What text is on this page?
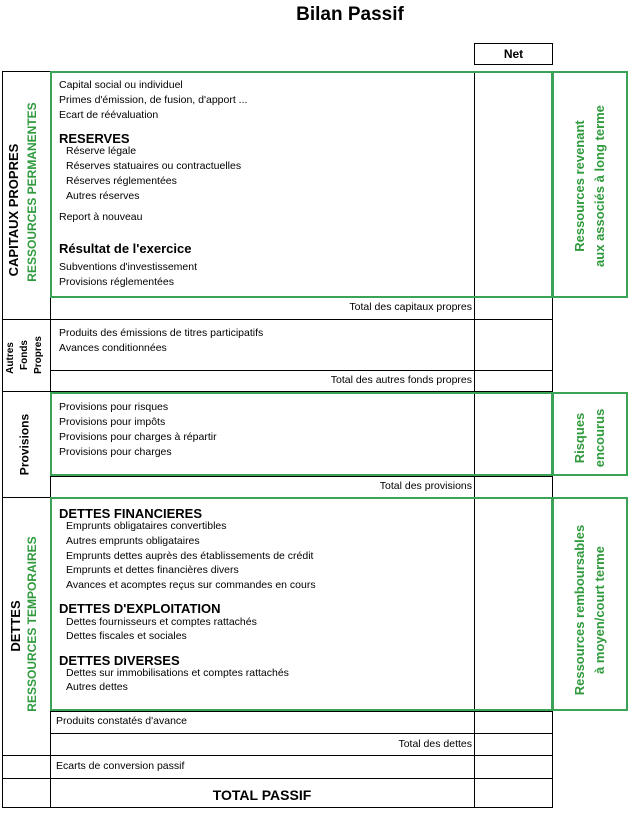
Bilan Passif
Net
CAPITAUX PROPRES RESSOURCES PERMANENTES
Capital social ou individuel
Primes d'émission, de fusion, d'apport ...
Ecart de réévaluation
RESERVES
Réserve légale
Réserves statuaires ou contractuelles
Réserves réglementées
Autres réserves
Report à nouveau
Résultat de l'exercice
Subventions d'investissement
Provisions réglementées
Total des capitaux propres
Ressources revenant aux associés à long terme
Autres Fonds Propres
Produits des émissions de titres participatifs
Avances conditionnées
Total des autres fonds propres
Provisions
Provisions pour risques
Provisions pour impôts
Provisions pour charges à répartir
Provisions pour charges
Total des provisions
Risques encourus
DETTES RESSOURCES TEMPORAIRES
DETTES FINANCIERES
Emprunts obligataires convertibles
Autres emprunts obligataires
Emprunts dettes auprès des établissements de crédit
Emprunts et dettes financières divers
Avances et acomptes reçus sur commandes en cours
DETTES D'EXPLOITATION
Dettes fournisseurs et comptes rattachés
Dettes fiscales et sociales
DETTES DIVERSES
Dettes sur immobilisations et comptes rattachés
Autres dettes
Produits constatés d'avance
Total des dettes
Ecarts de conversion passif
Ressources remboursables à moyen/court terme
TOTAL PASSIF
